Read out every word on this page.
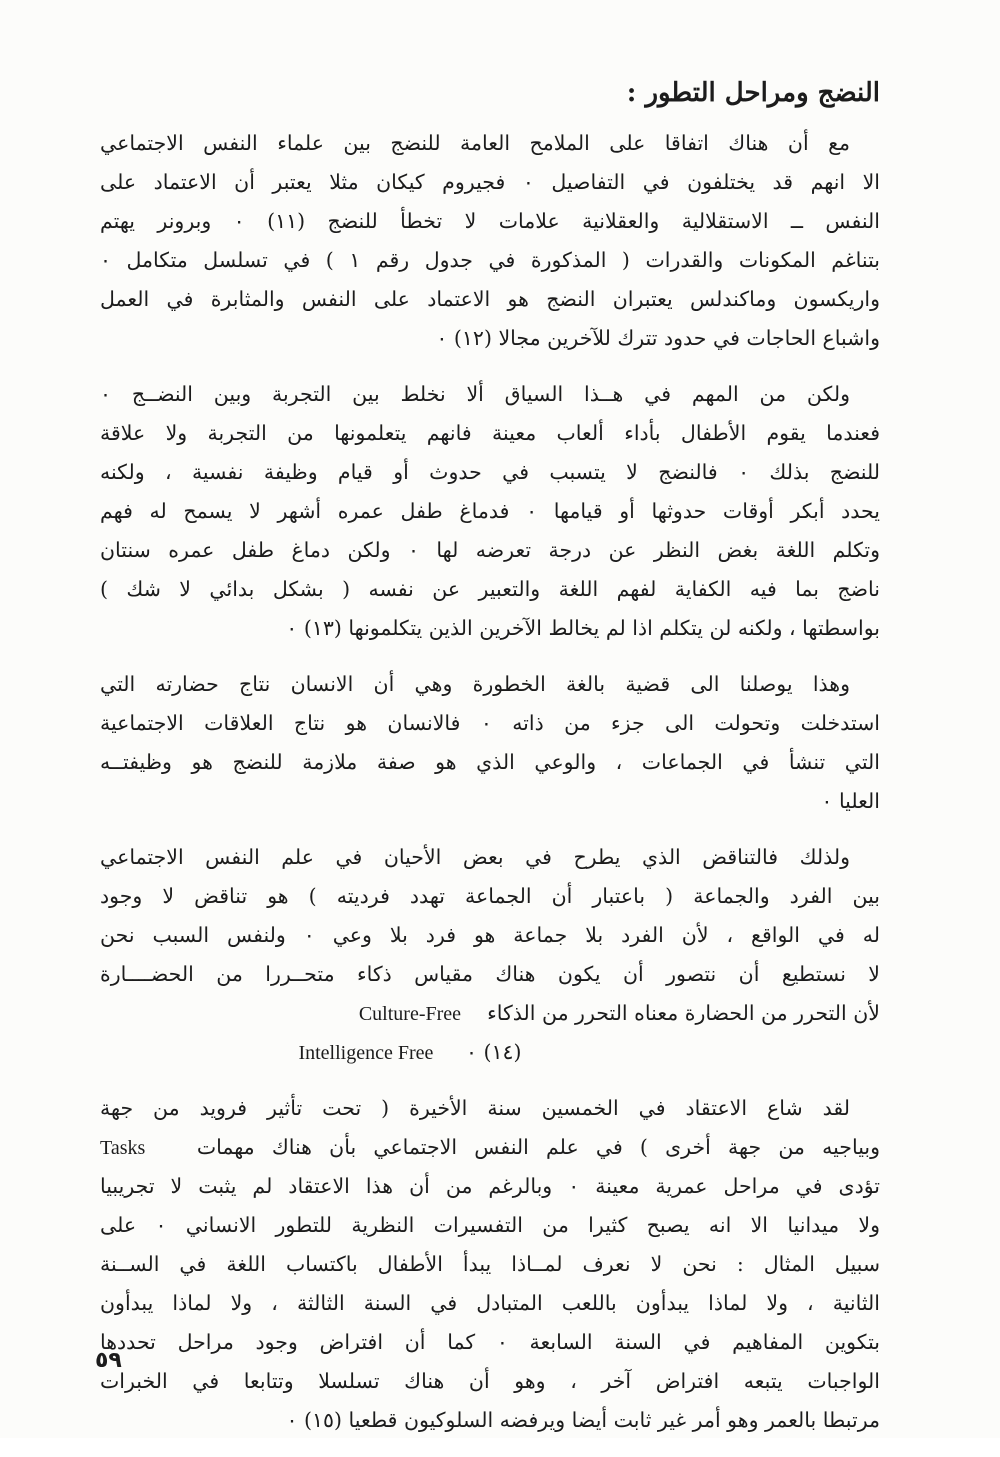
النضج ومراحل التطور :
مع أن هناك اتفاقا على الملامح العامة للنضج بين علماء النفس الاجتماعي
الا انهم قد يختلفون في التفاصيل ٠ فجيروم كيكان مثلا يعتبر أن الاعتماد على
النفس ــ الاستقلالية والعقلانية علامات لا تخطأ للنضج (١١) ٠ وبرونر يهتم
بتناغم المكونات والقدرات ( المذكورة في جدول رقم ١ ) في تسلسل متكامل ٠
واريكسون وماكندلس يعتبران النضج هو الاعتماد على النفس والمثابرة في العمل
واشباع الحاجات في حدود تترك للآخرين مجالا (١٢) ٠
ولكن من المهم في هــذا السياق ألا نخلط بين التجربة وبين النضــج ٠
فعندما يقوم الأطفال بأداء ألعاب معينة فانهم يتعلمونها من التجربة ولا علاقة
للنضج بذلك ٠ فالنضج لا يتسبب في حدوث أو قيام وظيفة نفسية ، ولكنه
يحدد أبكر أوقات حدوثها أو قيامها ٠ فدماغ طفل عمره أشهر لا يسمح له فهم
وتكلم اللغة بغض النظر عن درجة تعرضه لها ٠ ولكن دماغ طفل عمره سنتان
ناضج بما فيه الكفاية لفهم اللغة والتعبير عن نفسه ( بشكل بدائي لا شك )
بواسطتها ، ولكنه لن يتكلم اذا لم يخالط الآخرين الذين يتكلمونها (١٣) ٠
وهذا يوصلنا الى قضية بالغة الخطورة وهي أن الانسان نتاج حضارته التي
استدخلت وتحولت الى جزء من ذاته ٠ فالانسان هو نتاج العلاقات الاجتماعية
التي تنشأ في الجماعات ، والوعي الذي هو صفة ملازمة للنضج هو وظيفتــه
العليا ٠
ولذلك فالتناقض الذي يطرح في بعض الأحيان في علم النفس الاجتماعي
بين الفرد والجماعة ( باعتبار أن الجماعة تهدد فرديته ) هو تناقض لا وجود
له في الواقع ، لأن الفرد بلا جماعة هو فرد بلا وعي ٠ ولنفس السبب نحن
لا نستطيع أن نتصور أن يكون هناك مقياس ذكاء متحــررا من الحضــــارة
لأن التحرر من الحضارة معناه التحرر من الذكاء    Culture-Free
(١٤) ٠     Intelligence Free
لقد شاع الاعتقاد في الخمسين سنة الأخيرة ( تحت تأثير فرويد من جهة
وبياجيه من جهة أخرى ) في علم النفس الاجتماعي بأن هناك مهمات   Tasks
تؤدى في مراحل عمرية معينة ٠ وبالرغم من أن هذا الاعتقاد لم يثبت لا تجريبيا
ولا ميدانيا الا انه يصبح كثيرا من التفسيرات النظرية للتطور الانساني ٠ على
سبيل المثال : نحن لا نعرف لمــاذا يبدأ الأطفال باكتساب اللغة في الســنة
الثانية ، ولا لماذا يبدأون باللعب المتبادل في السنة الثالثة ، ولا لماذا يبدأون
بتكوين المفاهيم في السنة السابعة ٠ كما أن افتراض وجود مراحل تحددها
الواجبات يتبعه افتراض آخر ، وهو أن هناك تسلسلا وتتابعا في الخبرات
مرتبطا بالعمر وهو أمر غير ثابت أيضا ويرفضه السلوكيون قطعيا (١٥) ٠
٥٩
